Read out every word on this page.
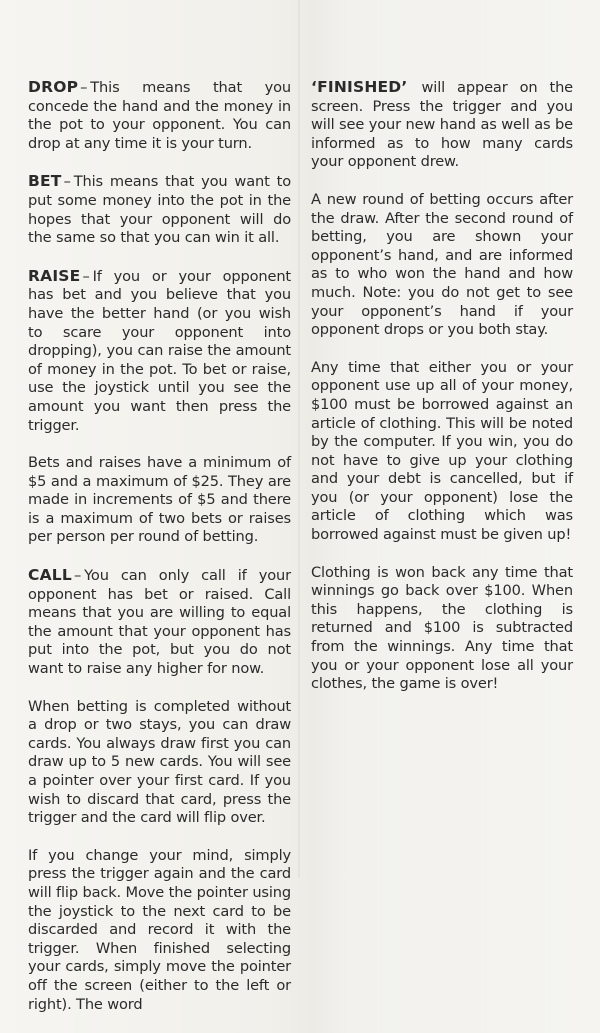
DROP – This means that you concede the hand and the money in the pot to your opponent. You can drop at any time it is your turn.

BET – This means that you want to put some money into the pot in the hopes that your opponent will do the same so that you can win it all.

RAISE – If you or your opponent has bet and you believe that you have the better hand (or you wish to scare your opponent into dropping), you can raise the amount of money in the pot. To bet or raise, use the joystick until you see the amount you want then press the trigger.

Bets and raises have a minimum of $5 and a maximum of $25. They are made in increments of $5 and there is a maximum of two bets or raises per person per round of betting.

CALL – You can only call if your opponent has bet or raised. Call means that you are willing to equal the amount that your opponent has put into the pot, but you do not want to raise any higher for now.

When betting is completed without a drop or two stays, you can draw cards. You always draw first you can draw up to 5 new cards. You will see a pointer over your first card. If you wish to discard that card, press the trigger and the card will flip over.

If you change your mind, simply press the trigger again and the card will flip back. Move the pointer using the joystick to the next card to be discarded and record it with the trigger. When finished selecting your cards, simply move the pointer off the screen (either to the left or right). The word

‘FINISHED’ will appear on the screen. Press the trigger and you will see your new hand as well as be informed as to how many cards your opponent drew.

A new round of betting occurs after the draw. After the second round of betting, you are shown your opponent’s hand, and are informed as to who won the hand and how much. Note: you do not get to see your opponent’s hand if your opponent drops or you both stay.

Any time that either you or your opponent use up all of your money, $100 must be borrowed against an article of clothing. This will be noted by the computer. If you win, you do not have to give up your clothing and your debt is cancelled, but if you (or your opponent) lose the article of clothing which was borrowed against must be given up!

Clothing is won back any time that winnings go back over $100. When this happens, the clothing is returned and $100 is subtracted from the winnings. Any time that you or your opponent lose all your clothes, the game is over!
